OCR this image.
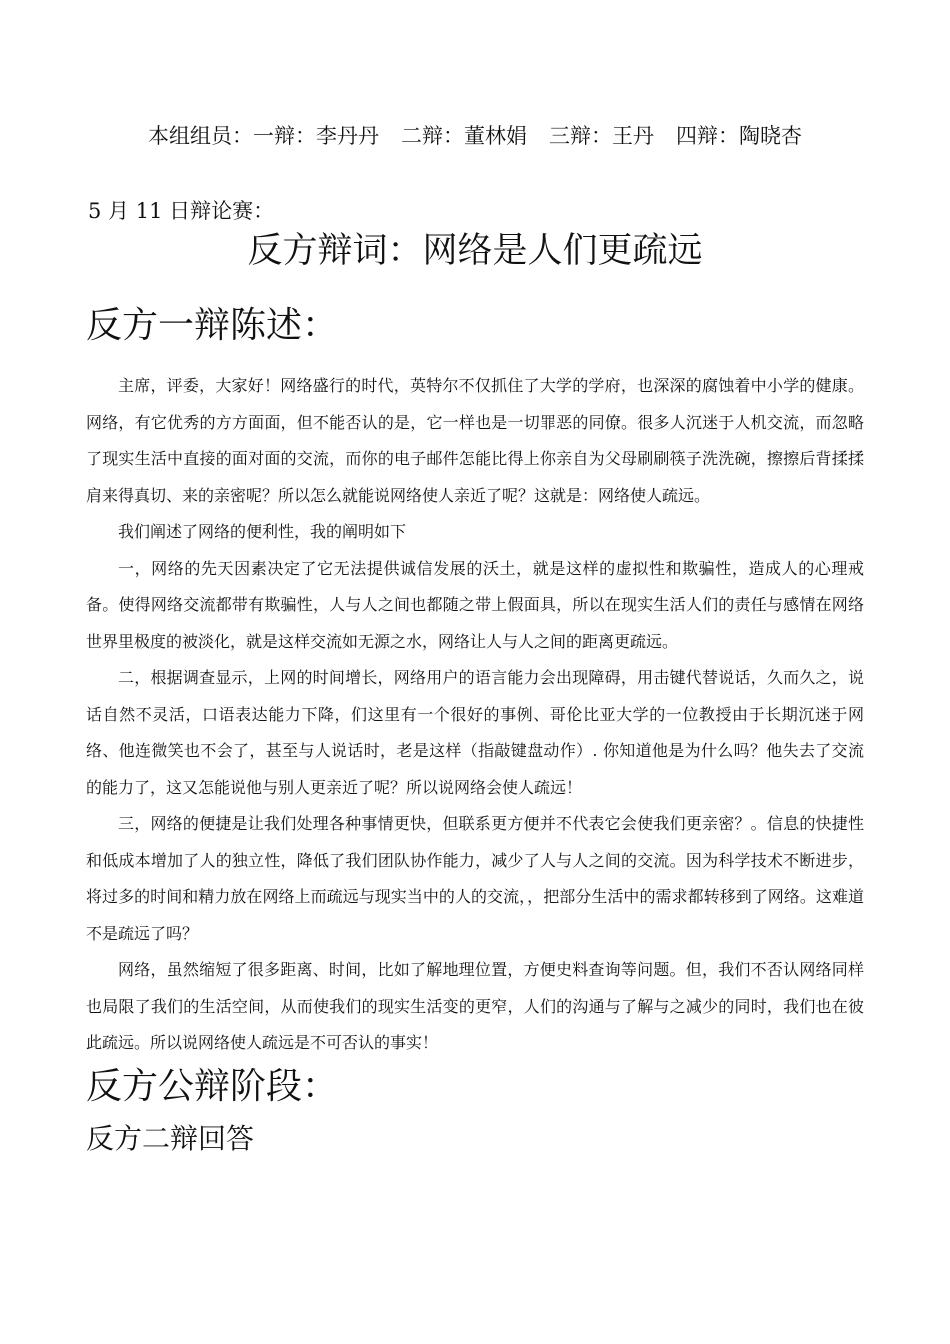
本组组员：一辩：李丹丹 二辩：董林娟 三辩：王丹 四辩：陶晓杏
5 月 11 日辩论赛：
反方辩词：网络是人们更疏远
反方一辩陈述：

主席，评委，大家好！网络盛行的时代，英特尔不仅抓住了大学的学府，也深深的腐蚀着中小学的健康。网络，有它优秀的方方面面，但不能否认的是，它一样也是一切罪恶的同僚。很多人沉迷于人机交流，而忽略了现实生活中直接的面对面的交流，而你的电子邮件怎能比得上你亲自为父母刷刷筷子洗洗碗，擦擦后背揉揉肩来得真切、来的亲密呢？所以怎么就能说网络使人亲近了呢？这就是：网络使人疏远。

我们阐述了网络的便利性，我的阐明如下

一，网络的先天因素决定了它无法提供诚信发展的沃土，就是这样的虚拟性和欺骗性，造成人的心理戒备。使得网络交流都带有欺骗性，人与人之间也都随之带上假面具，所以在现实生活人们的责任与感情在网络世界里极度的被淡化，就是这样交流如无源之水，网络让人与人之间的距离更疏远。

二，根据调查显示，上网的时间增长，网络用户的语言能力会出现障碍，用击键代替说话，久而久之，说话自然不灵活，口语表达能力下降，们这里有一个很好的事例、哥伦比亚大学的一位教授由于长期沉迷于网络、他连微笑也不会了，甚至与人说话时，老是这样（指敲键盘动作）. 你知道他是为什么吗？他失去了交流的能力了，这又怎能说他与别人更亲近了呢？所以说网络会使人疏远！

三，网络的便捷是让我们处理各种事情更快，但联系更方便并不代表它会使我们更亲密？。信息的快捷性和低成本增加了人的独立性，降低了我们团队协作能力，减少了人与人之间的交流。因为科学技术不断进步，将过多的时间和精力放在网络上而疏远与现实当中的人的交流，，把部分生活中的需求都转移到了网络。这难道不是疏远了吗？

网络，虽然缩短了很多距离、时间，比如了解地理位置，方便史料查询等问题。但，我们不否认网络同样也局限了我们的生活空间，从而使我们的现实生活变的更窄，人们的沟通与了解与之减少的同时，我们也在彼此疏远。所以说网络使人疏远是不可否认的事实！

反方公辩阶段：
反方二辩回答
